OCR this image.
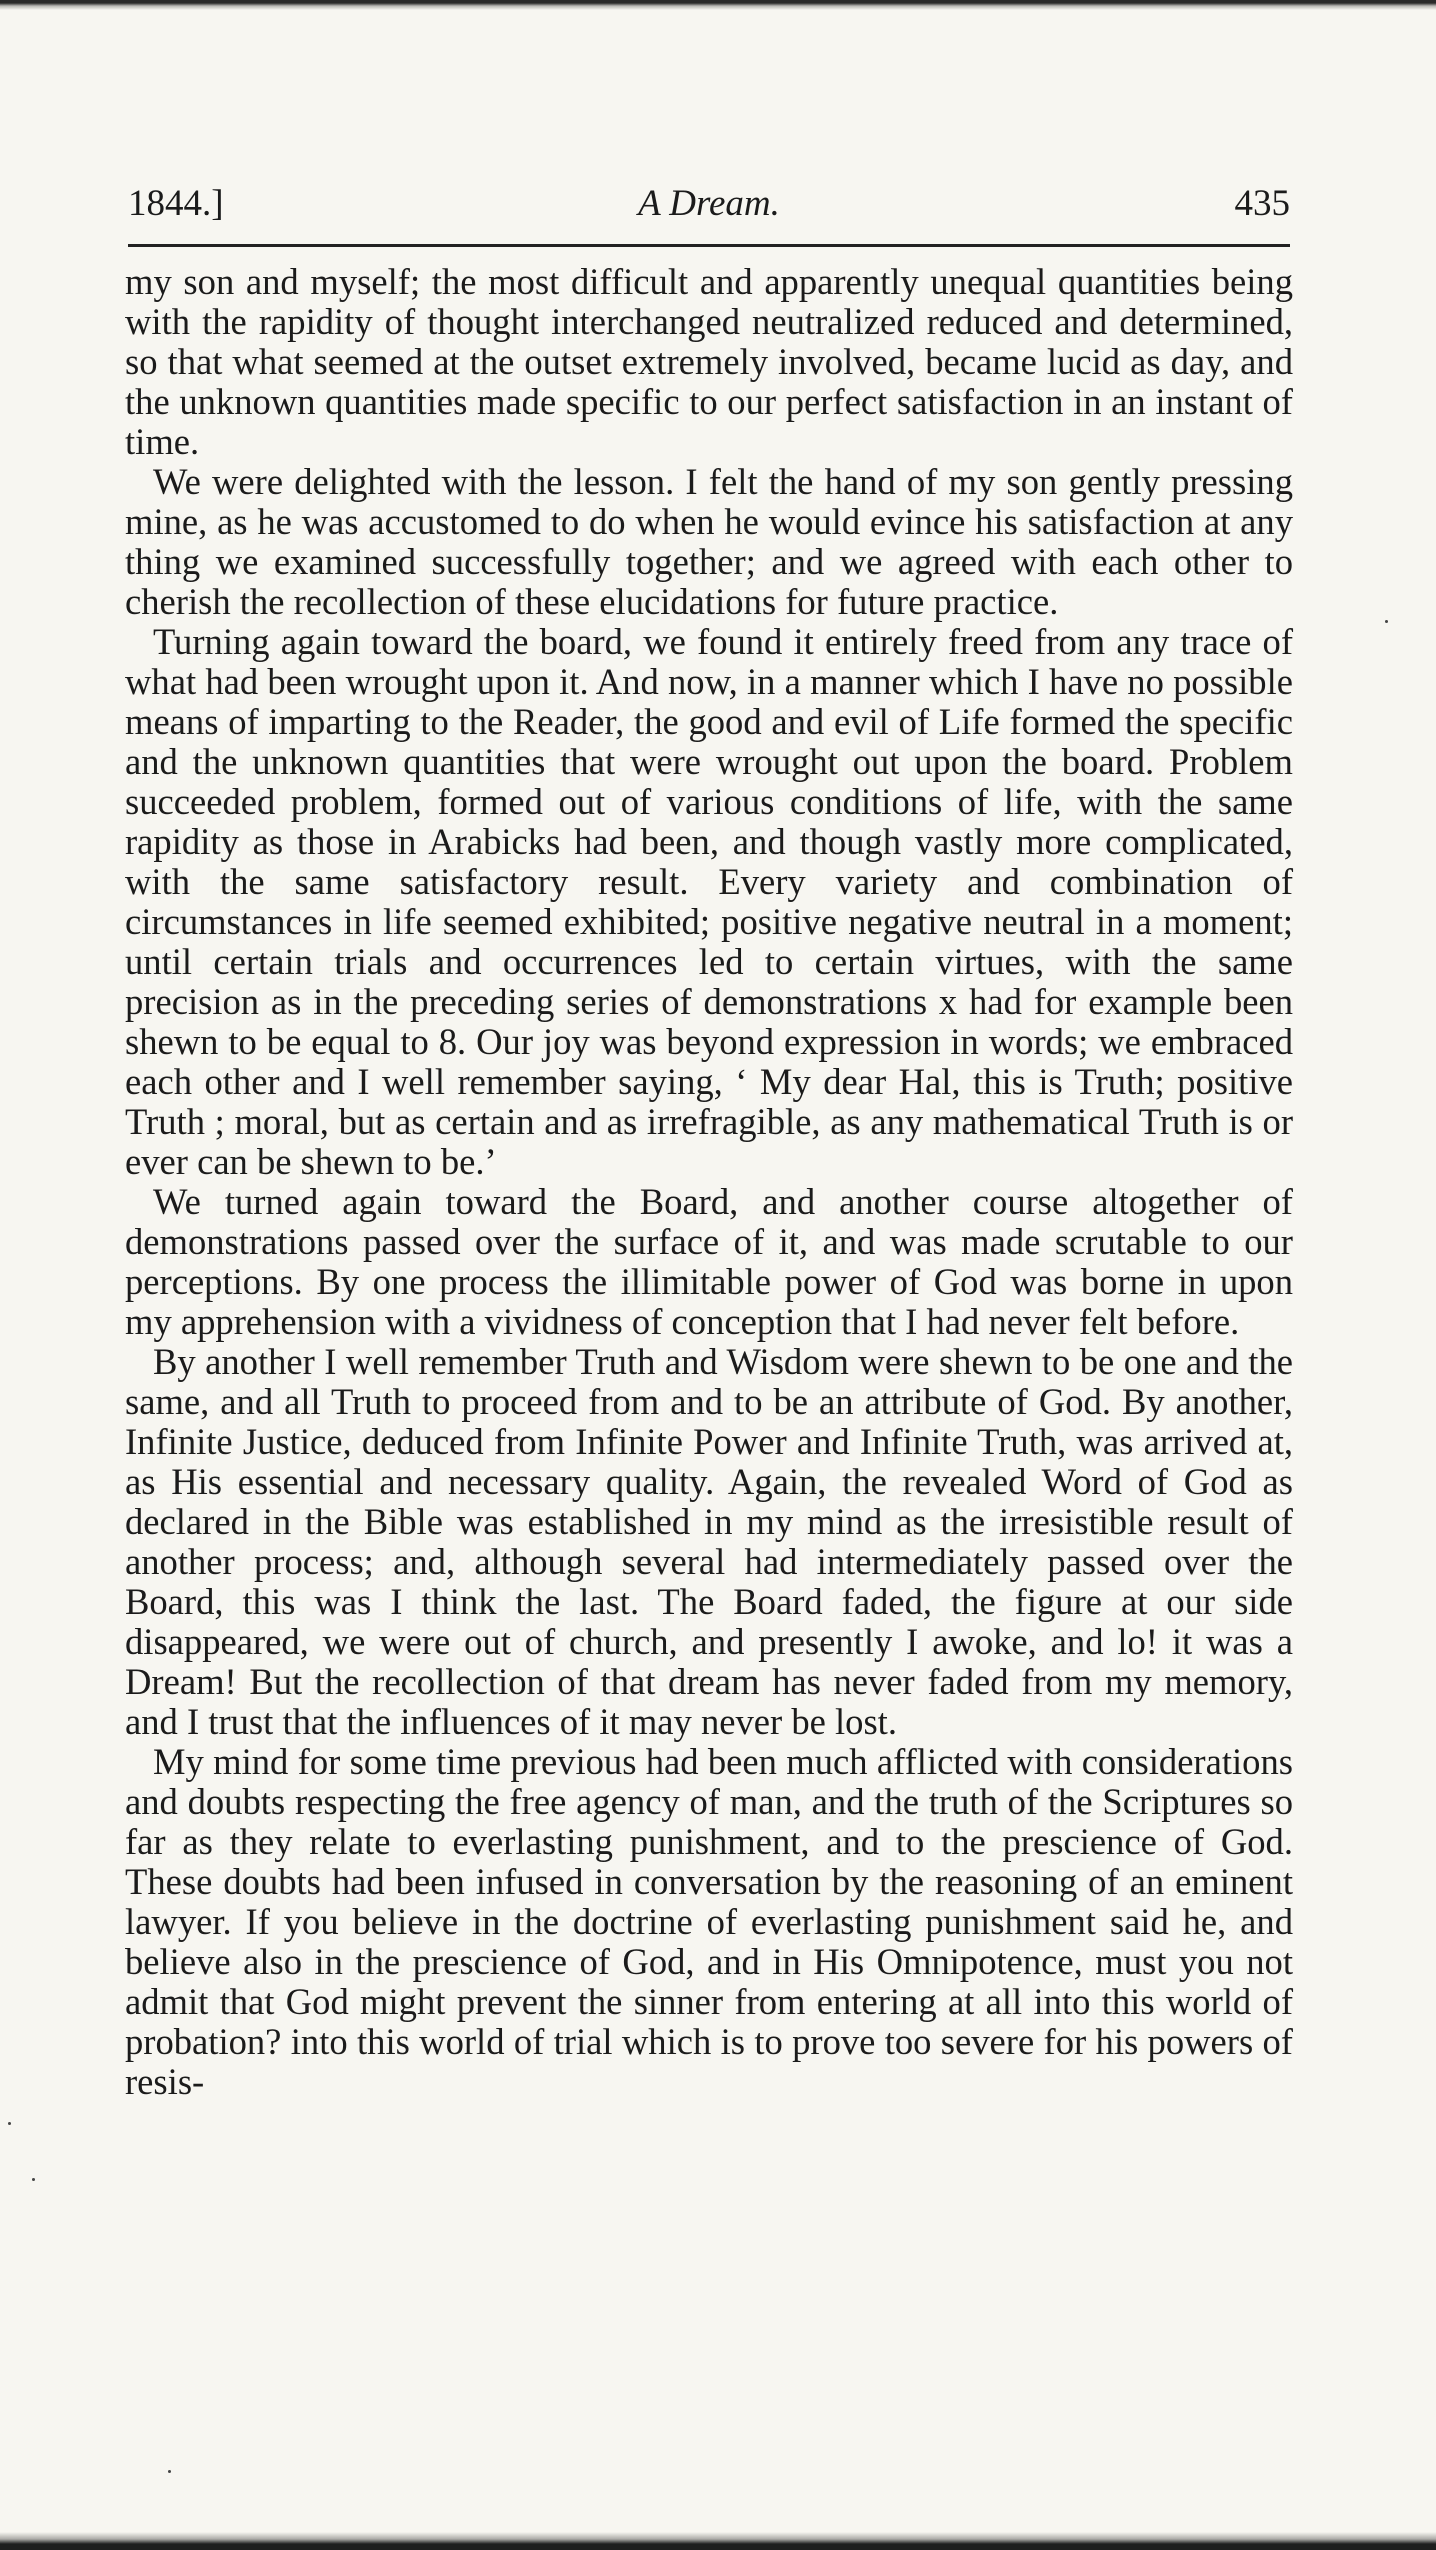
1844.]	A Dream.	435

my son and myself; the most difficult and apparently unequal quantities being with the rapidity of thought interchanged neutralized reduced and determined, so that what seemed at the outset extremely involved, became lucid as day, and the unknown quantities made specific to our perfect satisfaction in an instant of time.

We were delighted with the lesson. I felt the hand of my son gently pressing mine, as he was accustomed to do when he would evince his satisfaction at any thing we examined successfully together; and we agreed with each other to cherish the recollection of these elucidations for future practice.

Turning again toward the board, we found it entirely freed from any trace of what had been wrought upon it. And now, in a manner which I have no possible means of imparting to the Reader, the good and evil of Life formed the specific and the unknown quantities that were wrought out upon the board. Problem succeeded problem, formed out of various conditions of life, with the same rapidity as those in Arabicks had been, and though vastly more complicated, with the same satisfactory result. Every variety and combination of circumstances in life seemed exhibited; positive negative neutral in a moment; until certain trials and occurrences led to certain virtues, with the same precision as in the preceding series of demonstrations x had for example been shewn to be equal to 8. Our joy was beyond expression in words; we embraced each other and I well remember saying, ‘ My dear Hal, this is Truth; positive Truth ; moral, but as certain and as irrefragible, as any mathematical Truth is or ever can be shewn to be.’

We turned again toward the Board, and another course altogether of demonstrations passed over the surface of it, and was made scrutable to our perceptions. By one process the illimitable power of God was borne in upon my apprehension with a vividness of conception that I had never felt before.

By another I well remember Truth and Wisdom were shewn to be one and the same, and all Truth to proceed from and to be an attribute of God. By another, Infinite Justice, deduced from Infinite Power and Infinite Truth, was arrived at, as His essential and necessary quality. Again, the revealed Word of God as declared in the Bible was established in my mind as the irresistible result of another process; and, although several had intermediately passed over the Board, this was I think the last. The Board faded, the figure at our side disappeared, we were out of church, and presently I awoke, and lo! it was a Dream! But the recollection of that dream has never faded from my memory, and I trust that the influences of it may never be lost.

My mind for some time previous had been much afflicted with considerations and doubts respecting the free agency of man, and the truth of the Scriptures so far as they relate to everlasting punishment, and to the prescience of God. These doubts had been infused in conversation by the reasoning of an eminent lawyer. If you believe in the doctrine of everlasting punishment said he, and believe also in the prescience of God, and in His Omnipotence, must you not admit that God might prevent the sinner from entering at all into this world of probation? into this world of trial which is to prove too severe for his powers of resis-
